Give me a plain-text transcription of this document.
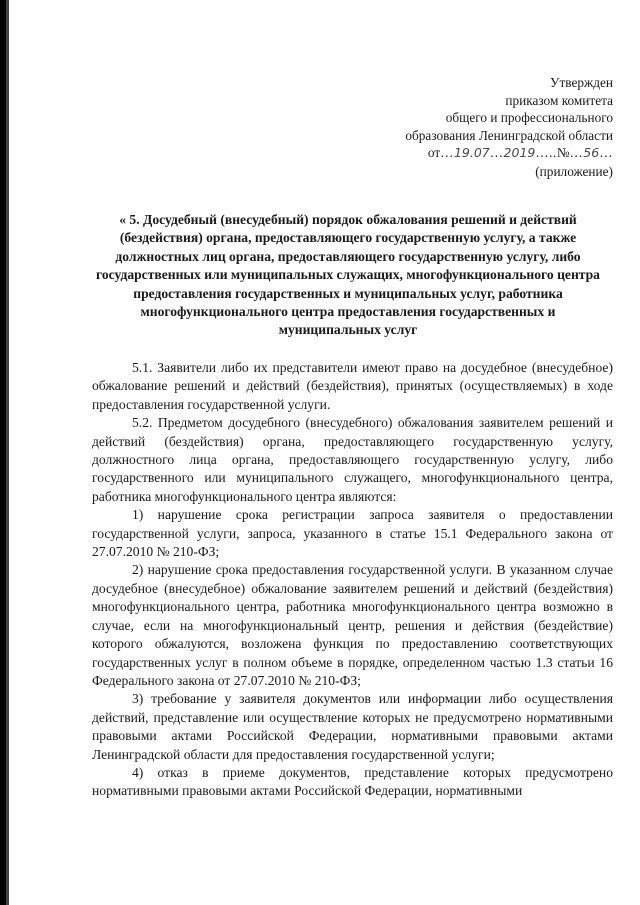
Утвержден
приказом комитета
общего и профессионального
образования Ленинградской области
от…19.07…2019…..№…56…
(приложение)
« 5. Досудебный (внесудебный) порядок обжалования решений и действий (бездействия) органа, предоставляющего государственную услугу, а также должностных лиц органа, предоставляющего государственную услугу, либо государственных или муниципальных служащих, многофункционального центра предоставления государственных и муниципальных услуг, работника многофункционального центра предоставления государственных и муниципальных услуг

5.1. Заявители либо их представители имеют право на досудебное (внесудебное) обжалование решений и действий (бездействия), принятых (осуществляемых) в ходе предоставления государственной услуги.

5.2. Предметом досудебного (внесудебного) обжалования заявителем решений и действий (бездействия) органа, предоставляющего государственную услугу, должностного лица органа, предоставляющего государственную услугу, либо государственного или муниципального служащего, многофункционального центра, работника многофункционального центра являются:

1) нарушение срока регистрации запроса заявителя о предоставлении государственной услуги, запроса, указанного в статье 15.1 Федерального закона от 27.07.2010 № 210-ФЗ;

2) нарушение срока предоставления государственной услуги. В указанном случае досудебное (внесудебное) обжалование заявителем решений и действий (бездействия) многофункционального центра, работника многофункционального центра возможно в случае, если на многофункциональный центр, решения и действия (бездействие) которого обжалуются, возложена функция по предоставлению соответствующих государственных услуг в полном объеме в порядке, определенном частью 1.3 статьи 16 Федерального закона от 27.07.2010 № 210-ФЗ;

3) требование у заявителя документов или информации либо осуществления действий, представление или осуществление которых не предусмотрено нормативными правовыми актами Российской Федерации, нормативными правовыми актами Ленинградской области для предоставления государственной услуги;

4) отказ в приеме документов, представление которых предусмотрено нормативными правовыми актами Российской Федерации, нормативными
